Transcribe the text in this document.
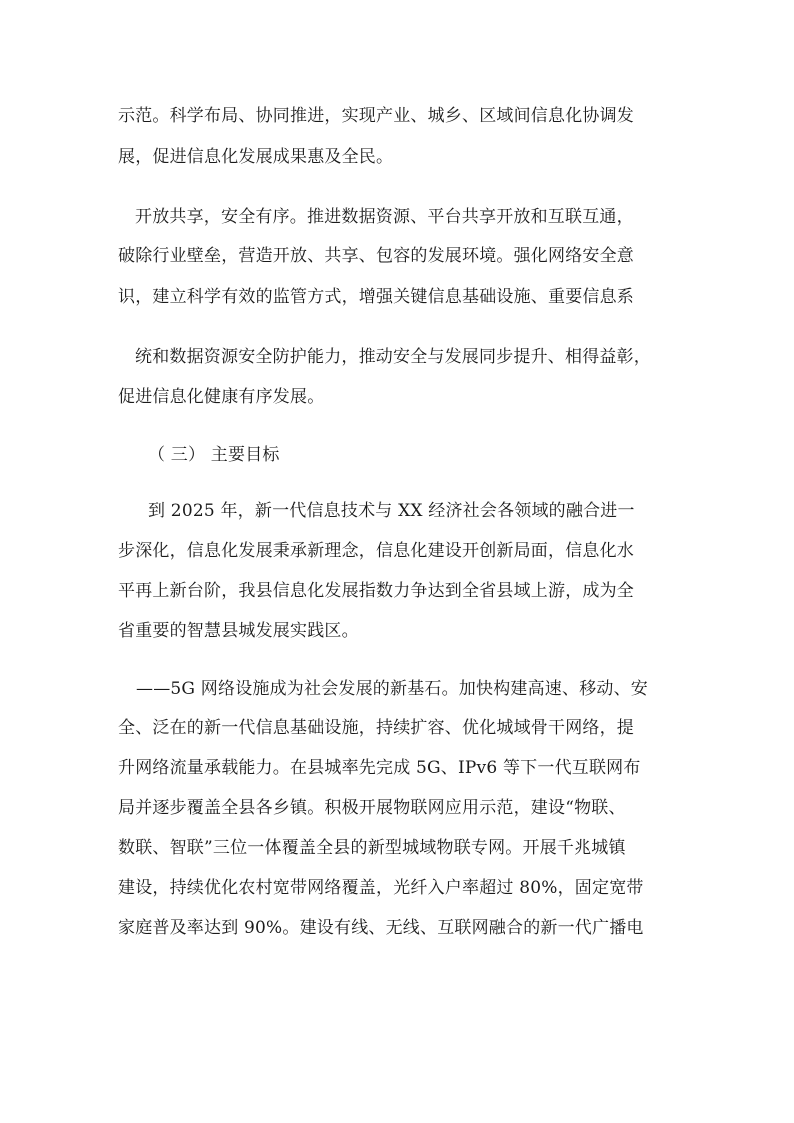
示范。科学布局、协同推进，实现产业、城乡、区域间信息化协调发
展，促进信息化发展成果惠及全民。
开放共享，安全有序。推进数据资源、平台共享开放和互联互通，
破除行业壁垒，营造开放、共享、包容的发展环境。强化网络安全意
识，建立科学有效的监管方式，增强关键信息基础设施、重要信息系
统和数据资源安全防护能力，推动安全与发展同步提升、相得益彰，
促进信息化健康有序发展。
（ 三） 主要目标
到 2025 年，新一代信息技术与 XX 经济社会各领域的融合进一
步深化，信息化发展秉承新理念，信息化建设开创新局面，信息化水
平再上新台阶，我县信息化发展指数力争达到全省县域上游，成为全
省重要的智慧县城发展实践区。
——5G 网络设施成为社会发展的新基石。加快构建高速、移动、安
全、泛在的新一代信息基础设施，持续扩容、优化城域骨干网络，提
升网络流量承载能力。在县城率先完成 5G、IPv6 等下一代互联网布
局并逐步覆盖全县各乡镇。积极开展物联网应用示范，建设“物联、
数联、智联”三位一体覆盖全县的新型城域物联专网。开展千兆城镇
建设，持续优化农村宽带网络覆盖，光纤入户率超过 80%，固定宽带
家庭普及率达到 90%。建设有线、无线、互联网融合的新一代广播电
